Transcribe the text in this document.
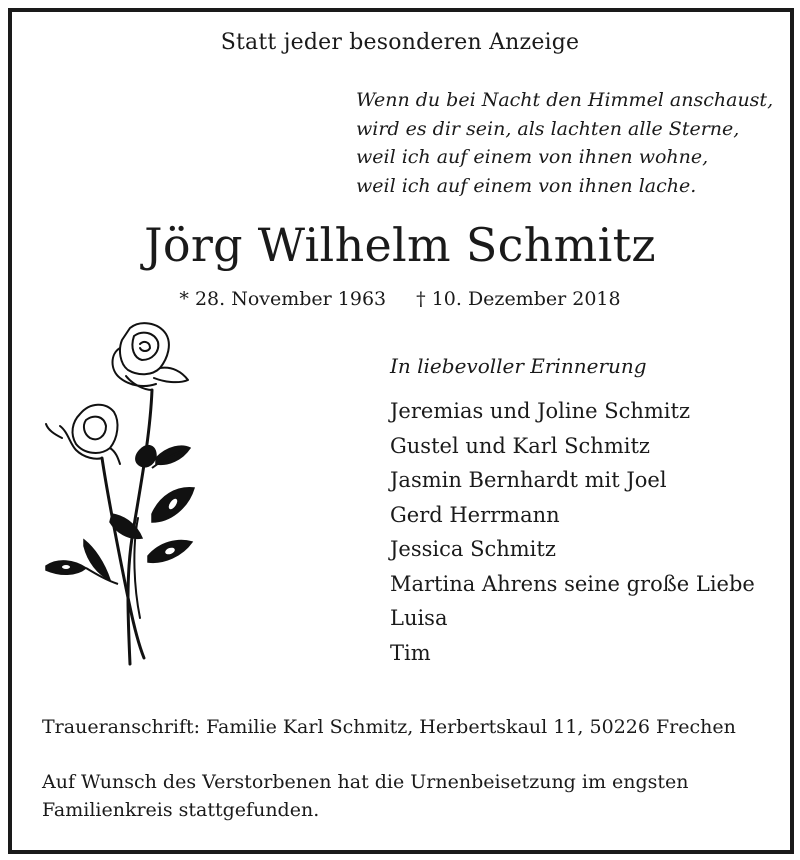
Statt jeder besonderen Anzeige
Wenn du bei Nacht den Himmel anschaust,
wird es dir sein, als lachten alle Sterne,
weil ich auf einem von ihnen wohne,
weil ich auf einem von ihnen lache.
Jörg Wilhelm Schmitz
* 28. November 1963 † 10. Dezember 2018
In liebevoller Erinnerung
Jeremias und Joline Schmitz
Gustel und Karl Schmitz
Jasmin Bernhardt mit Joel
Gerd Herrmann
Jessica Schmitz
Martina Ahrens seine große Liebe
Luisa
Tim
Traueranschrift: Familie Karl Schmitz, Herbertskaul 11, 50226 Frechen
Auf Wunsch des Verstorbenen hat die Urnenbeisetzung im engsten
Familienkreis stattgefunden.
